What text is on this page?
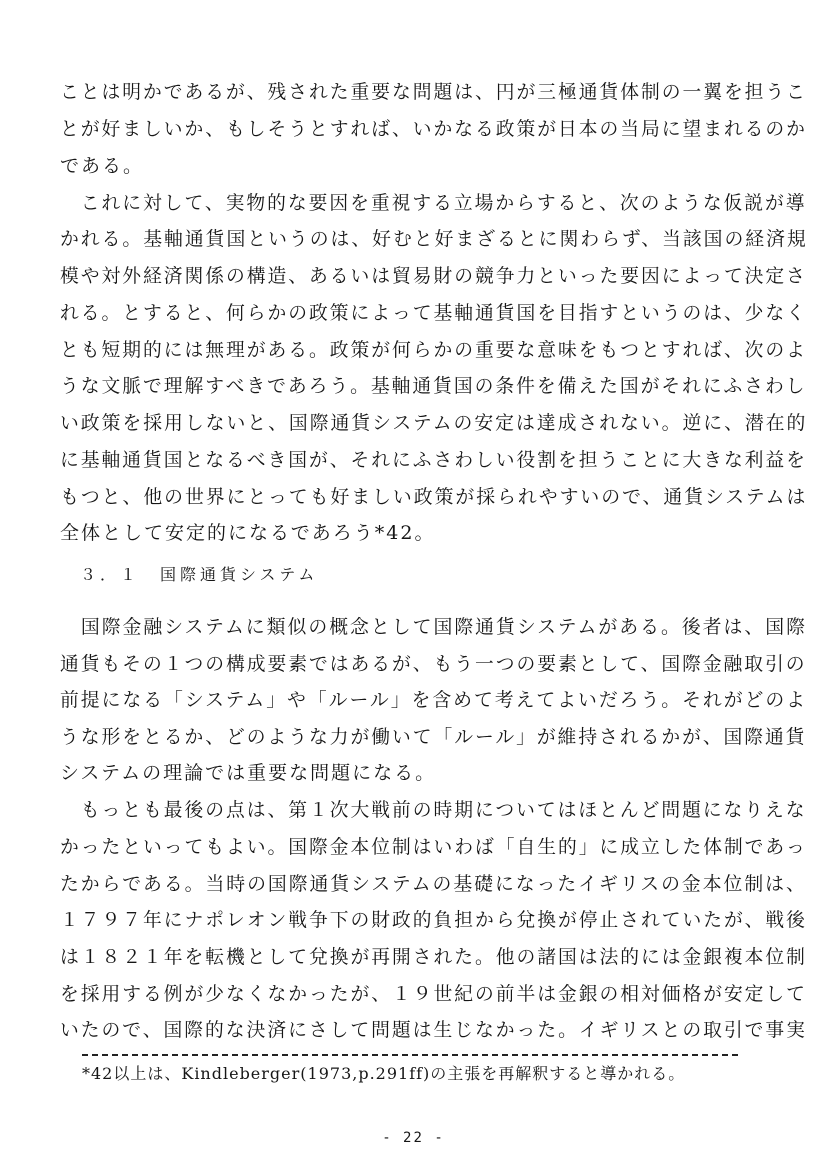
ことは明かであるが、残された重要な問題は、円が三極通貨体制の一翼を担うこ
とが好ましいか、もしそうとすれば、いかなる政策が日本の当局に望まれるのか
である。
　これに対して、実物的な要因を重視する立場からすると、次のような仮説が導
かれる。基軸通貨国というのは、好むと好まざるとに関わらず、当該国の経済規
模や対外経済関係の構造、あるいは貿易財の競争力といった要因によって決定さ
れる。とすると、何らかの政策によって基軸通貨国を目指すというのは、少なく
とも短期的には無理がある。政策が何らかの重要な意味をもつとすれば、次のよ
うな文脈で理解すべきであろう。基軸通貨国の条件を備えた国がそれにふさわし
い政策を採用しないと、国際通貨システムの安定は達成されない。逆に、潜在的
に基軸通貨国となるべき国が、それにふさわしい役割を担うことに大きな利益を
もつと、他の世界にとっても好ましい政策が採られやすいので、通貨システムは
全体として安定的になるであろう*42。
３．１　国際通貨システム
　国際金融システムに類似の概念として国際通貨システムがある。後者は、国際
通貨もその１つの構成要素ではあるが、もう一つの要素として、国際金融取引の
前提になる「システム」や「ルール」を含めて考えてよいだろう。それがどのよ
うな形をとるか、どのような力が働いて「ルール」が維持されるかが、国際通貨
システムの理論では重要な問題になる。
　もっとも最後の点は、第１次大戦前の時期についてはほとんど問題になりえな
かったといってもよい。国際金本位制はいわば「自生的」に成立した体制であっ
たからである。当時の国際通貨システムの基礎になったイギリスの金本位制は、
１７９７年にナポレオン戦争下の財政的負担から兌換が停止されていたが、戦後
は１８２１年を転機として兌換が再開された。他の諸国は法的には金銀複本位制
を採用する例が少なくなかったが、１９世紀の前半は金銀の相対価格が安定して
いたので、国際的な決済にさして問題は生じなかった。イギリスとの取引で事実
*42以上は、Kindleberger(1973,p.291ff)の主張を再解釈すると導かれる。
- 22 -
